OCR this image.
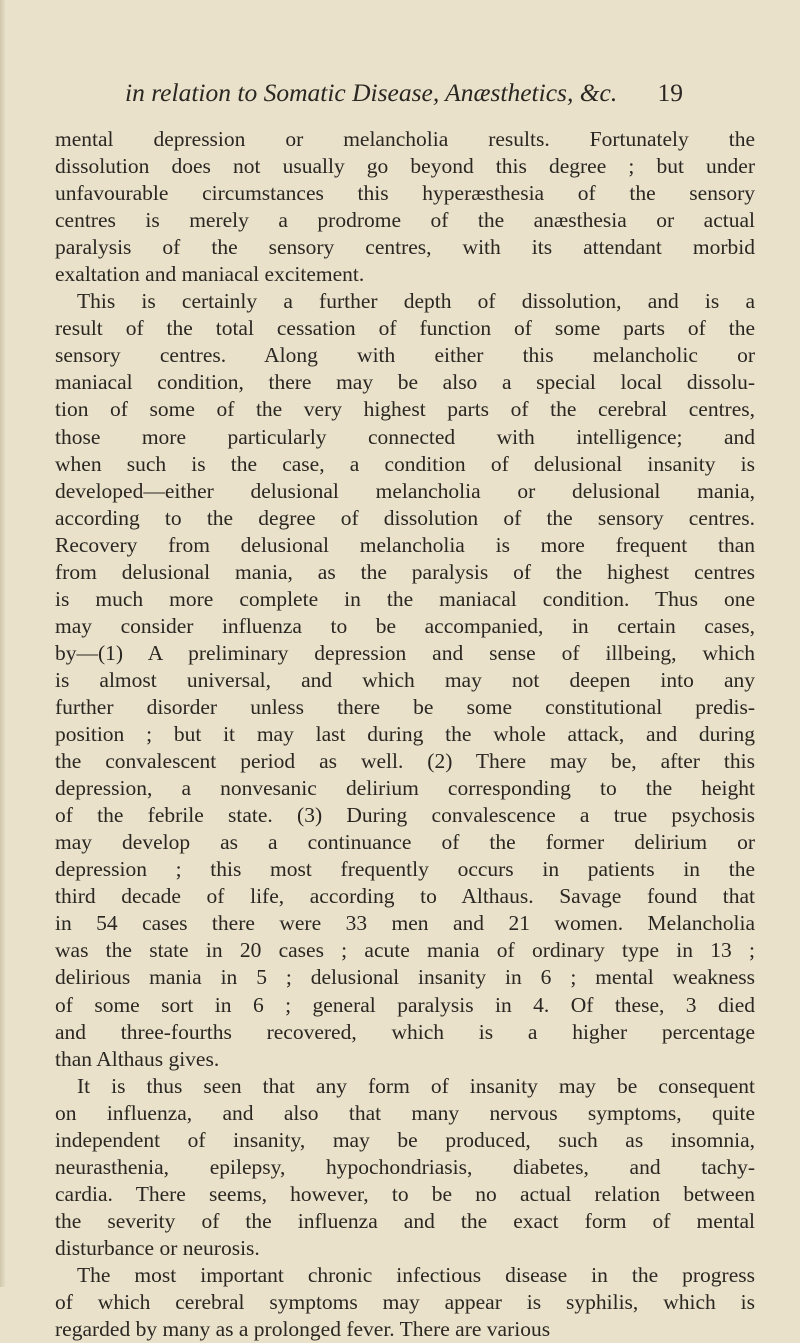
in relation to Somatic Disease, Anæsthetics, &c. 19
mental depression or melancholia results. Fortunately the
dissolution does not usually go beyond this degree ; but under
unfavourable circumstances this hyperæsthesia of the sensory
centres is merely a prodrome of the anæsthesia or actual
paralysis of the sensory centres, with its attendant morbid
exaltation and maniacal excitement.
This is certainly a further depth of dissolution, and is a
result of the total cessation of function of some parts of the
sensory centres. Along with either this melancholic or
maniacal condition, there may be also a special local dissolu-
tion of some of the very highest parts of the cerebral centres,
those more particularly connected with intelligence; and
when such is the case, a condition of delusional insanity is
developed—either delusional melancholia or delusional mania,
according to the degree of dissolution of the sensory centres.
Recovery from delusional melancholia is more frequent than
from delusional mania, as the paralysis of the highest centres
is much more complete in the maniacal condition. Thus one
may consider influenza to be accompanied, in certain cases,
by—(1) A preliminary depression and sense of illbeing, which
is almost universal, and which may not deepen into any
further disorder unless there be some constitutional predis-
position ; but it may last during the whole attack, and during
the convalescent period as well. (2) There may be, after this
depression, a nonvesanic delirium corresponding to the height
of the febrile state. (3) During convalescence a true psychosis
may develop as a continuance of the former delirium or
depression ; this most frequently occurs in patients in the
third decade of life, according to Althaus. Savage found that
in 54 cases there were 33 men and 21 women. Melancholia
was the state in 20 cases ; acute mania of ordinary type in 13 ;
delirious mania in 5 ; delusional insanity in 6 ; mental weakness
of some sort in 6 ; general paralysis in 4. Of these, 3 died
and three-fourths recovered, which is a higher percentage
than Althaus gives.
It is thus seen that any form of insanity may be consequent
on influenza, and also that many nervous symptoms, quite
independent of insanity, may be produced, such as insomnia,
neurasthenia, epilepsy, hypochondriasis, diabetes, and tachy-
cardia. There seems, however, to be no actual relation between
the severity of the influenza and the exact form of mental
disturbance or neurosis.
The most important chronic infectious disease in the progress
of which cerebral symptoms may appear is syphilis, which is
regarded by many as a prolonged fever. There are various
